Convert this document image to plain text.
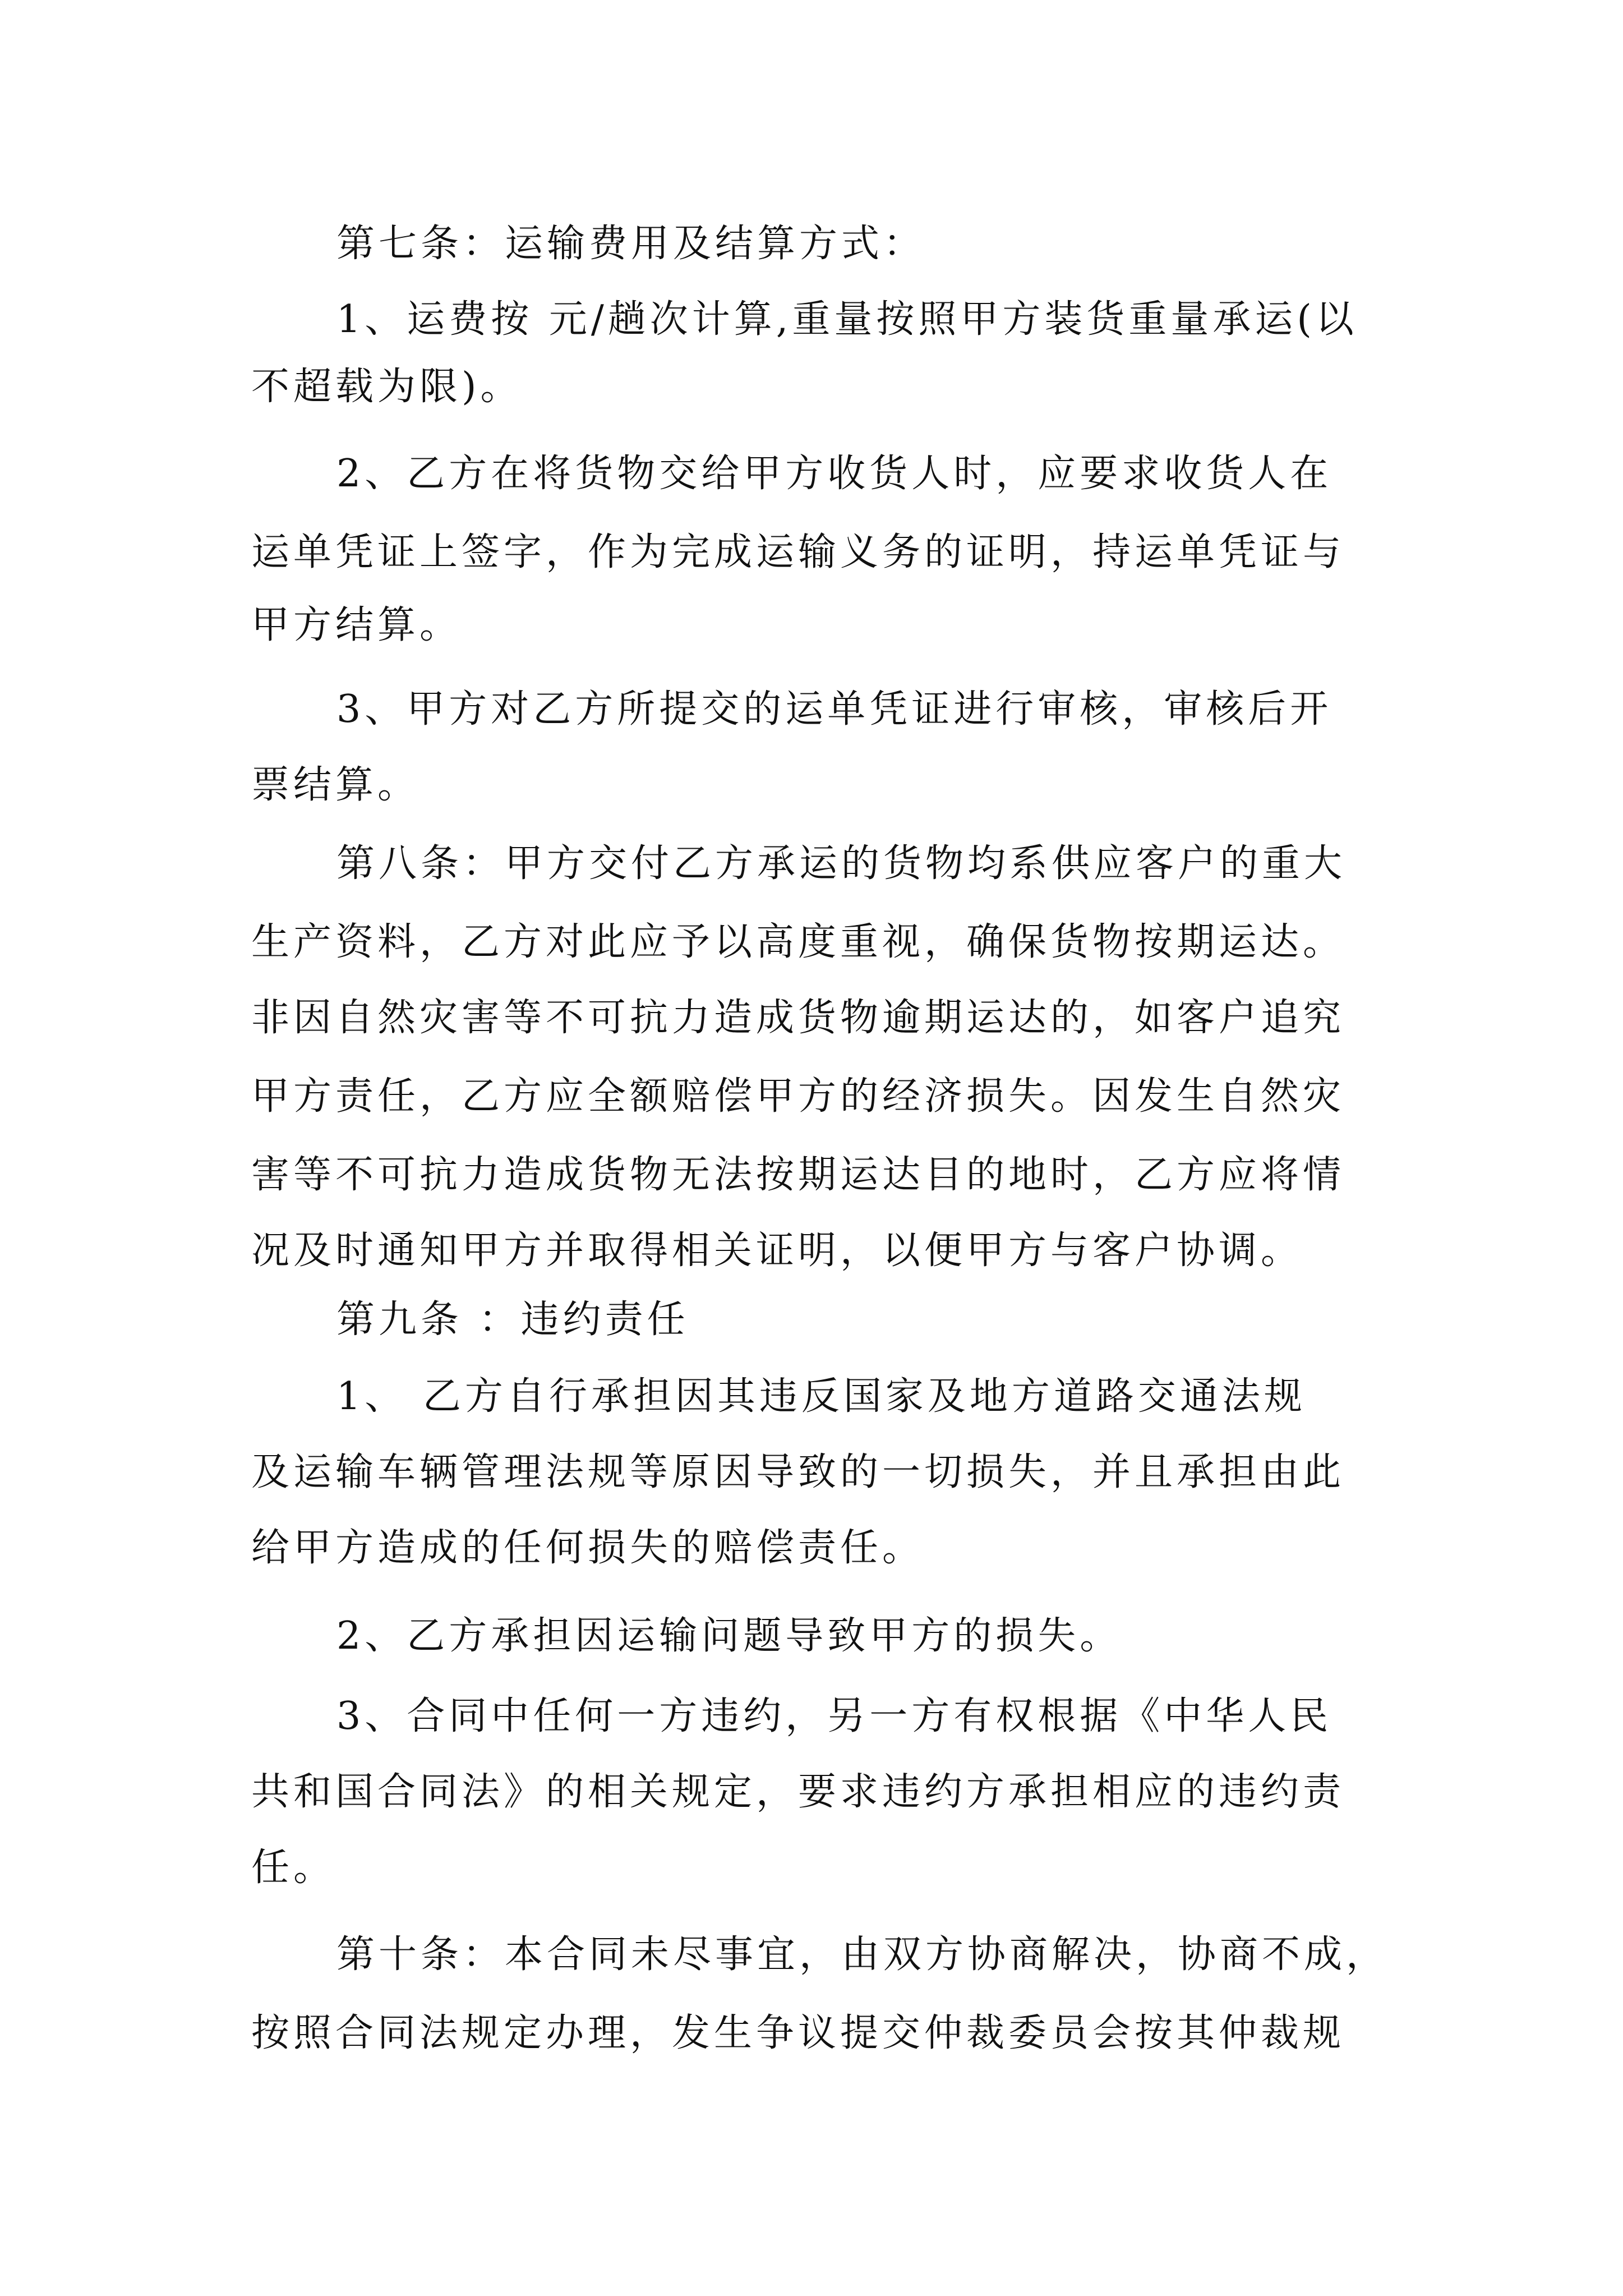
第七条：运输费用及结算方式：

1、运费按 元/趟次计算,重量按照甲方装货重量承运(以

不超载为限)。

2、乙方在将货物交给甲方收货人时，应要求收货人在

运单凭证上签字，作为完成运输义务的证明，持运单凭证与

甲方结算。

3、甲方对乙方所提交的运单凭证进行审核，审核后开

票结算。

第八条：甲方交付乙方承运的货物均系供应客户的重大

生产资料，乙方对此应予以高度重视，确保货物按期运达。

非因自然灾害等不可抗力造成货物逾期运达的，如客户追究

甲方责任，乙方应全额赔偿甲方的经济损失。因发生自然灾

害等不可抗力造成货物无法按期运达目的地时，乙方应将情

况及时通知甲方并取得相关证明，以便甲方与客户协调。

第九条 ：违约责任

1、 乙方自行承担因其违反国家及地方道路交通法规

及运输车辆管理法规等原因导致的一切损失，并且承担由此

给甲方造成的任何损失的赔偿责任。

2、乙方承担因运输问题导致甲方的损失。

3、合同中任何一方违约，另一方有权根据《中华人民

共和国合同法》的相关规定，要求违约方承担相应的违约责

任。

第十条：本合同未尽事宜，由双方协商解决，协商不成，

按照合同法规定办理，发生争议提交仲裁委员会按其仲裁规
